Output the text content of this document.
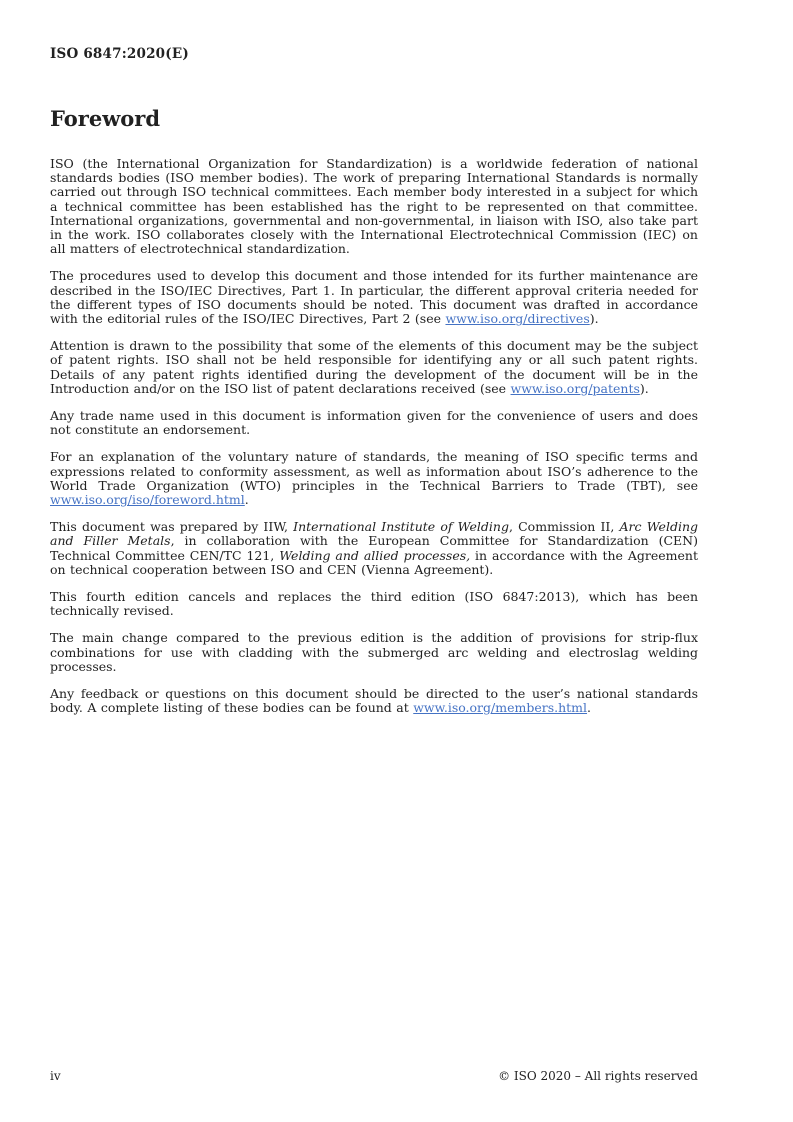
ISO 6847:2020(E)
Foreword

ISO (the International Organization for Standardization) is a worldwide federation of national standards bodies (ISO member bodies). The work of preparing International Standards is normally carried out through ISO technical committees. Each member body interested in a subject for which a technical committee has been established has the right to be represented on that committee. International organizations, governmental and non-governmental, in liaison with ISO, also take part in the work. ISO collaborates closely with the International Electrotechnical Commission (IEC) on all matters of electrotechnical standardization.

The procedures used to develop this document and those intended for its further maintenance are described in the ISO/IEC Directives, Part 1. In particular, the different approval criteria needed for the different types of ISO documents should be noted. This document was drafted in accordance with the editorial rules of the ISO/IEC Directives, Part 2 (see www.iso.org/directives).

Attention is drawn to the possibility that some of the elements of this document may be the subject of patent rights. ISO shall not be held responsible for identifying any or all such patent rights. Details of any patent rights identified during the development of the document will be in the Introduction and/or on the ISO list of patent declarations received (see www.iso.org/patents).

Any trade name used in this document is information given for the convenience of users and does not constitute an endorsement.

For an explanation of the voluntary nature of standards, the meaning of ISO specific terms and expressions related to conformity assessment, as well as information about ISO’s adherence to the World Trade Organization (WTO) principles in the Technical Barriers to Trade (TBT), see www.iso.org/iso/foreword.html.

This document was prepared by IIW, International Institute of Welding, Commission II, Arc Welding and Filler Metals, in collaboration with the European Committee for Standardization (CEN) Technical Committee CEN/TC 121, Welding and allied processes, in accordance with the Agreement on technical cooperation between ISO and CEN (Vienna Agreement).

This fourth edition cancels and replaces the third edition (ISO 6847:2013), which has been technically revised.

The main change compared to the previous edition is the addition of provisions for strip-flux combinations for use with cladding with the submerged arc welding and electroslag welding processes.

Any feedback or questions on this document should be directed to the user’s national standards body. A complete listing of these bodies can be found at www.iso.org/members.html.

iv	© ISO 2020 – All rights reserved
